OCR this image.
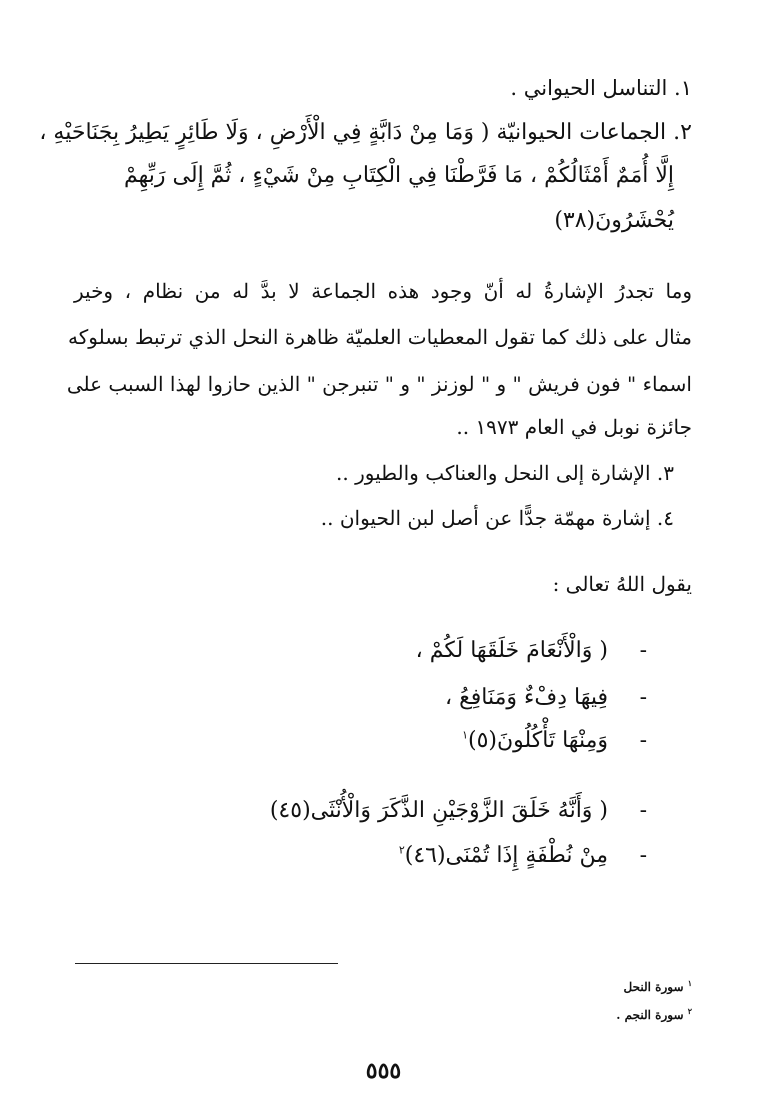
١. التناسل الحيواني .
٢. الجماعات الحيوانيّة ( وَمَا مِنْ دَابَّةٍ فِي الْأَرْضِ ، وَلَا طَائِرٍ يَطِيرُ بِجَنَاحَيْهِ ،
إِلَّا أُمَمٌ أَمْثَالُكُمْ ، مَا فَرَّطْنَا فِي الْكِتَابِ مِنْ شَيْءٍ ، ثُمَّ إِلَى رَبِّهِمْ
يُحْشَرُونَ(٣٨)
وما تجدرُ الإشارةُ له أنّ وجود هذه الجماعة لا بدَّ له من نظام ، وخير
مثال على ذلك كما تقول المعطيات العلميّة ظاهرة النحل الذي ترتبط بسلوكه
اسماء " فون فريش " و " لوزنز " و " تنبرجن " الذين حازوا لهذا السبب على
جائزة نوبل في العام ١٩٧٣ ..
٣. الإشارة إلى النحل والعناكب والطيور ..
٤. إشارة مهمّة جدًّا عن أصل لبن الحيوان ..
يقول اللهُ تعالى :
- ( وَالْأَنْعَامَ خَلَقَهَا لَكُمْ ،
- فِيهَا دِفْءٌ وَمَنَافِعُ ،
- وَمِنْهَا تَأْكُلُونَ(٥)$^١$
- ( وَأَنَّهُ خَلَقَ الزَّوْجَيْنِ الذَّكَرَ وَالْأُنْثَى(٤٥)
- مِنْ نُطْفَةٍ إِذَا تُمْنَى(٤٦)$^٢$
$^١$ سورة النحل
$^٢$ سورة النجم .
٥٥٥
